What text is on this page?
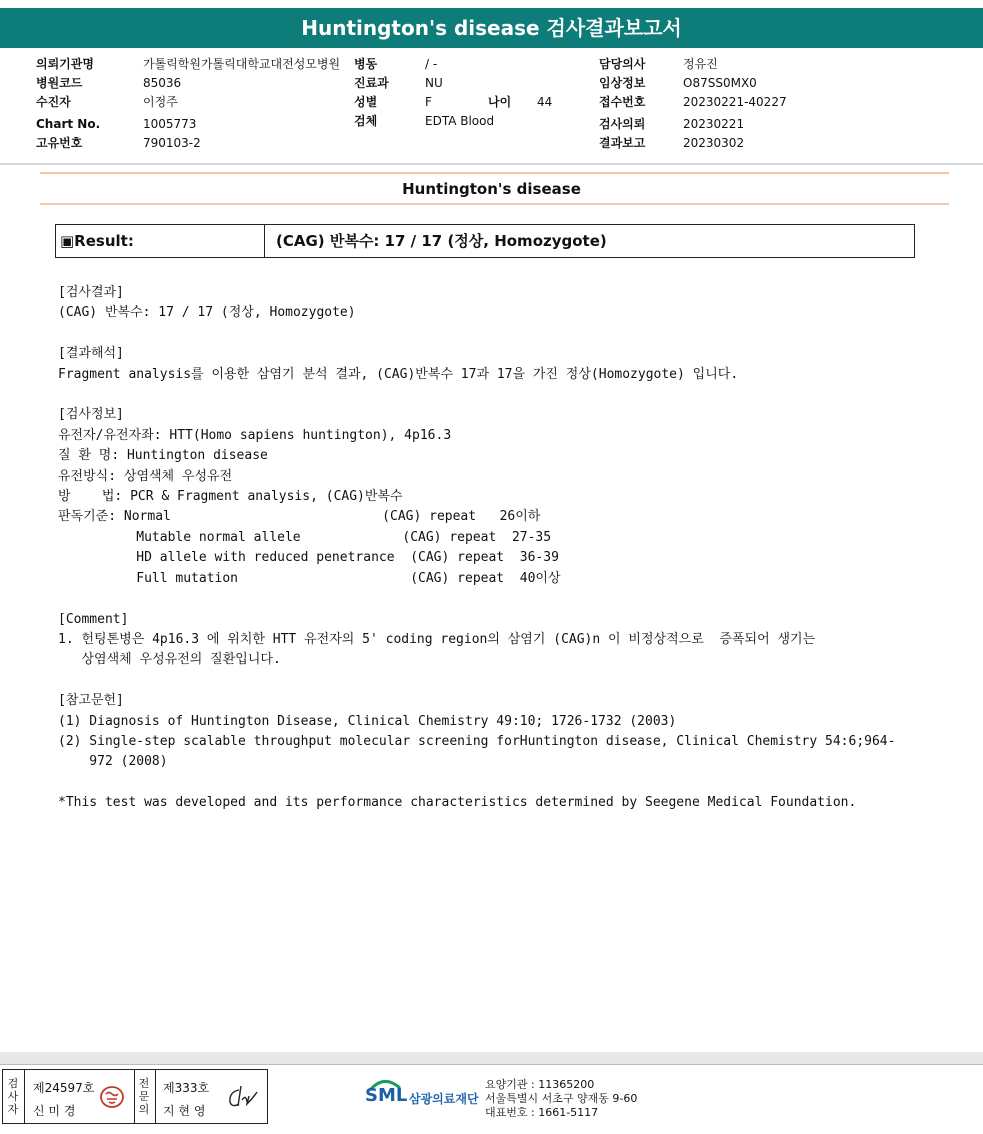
Huntington's disease 검사결과보고서
의뢰기관명
병원코드
수진자
Chart No.
고유번호
가톨릭학원가톨릭대학교대전성모병원
85036
이정주
1005773
790103-2
병동
진료과
성별
검체
/ -
NU
F
EDTA Blood
나이 44
담당의사
임상정보
접수번호
검사의뢰
결과보고
정유진
O87SS0MX0
20230221-40227
20230221
20230302
Huntington's disease
▣Result:	(CAG) 반복수: 17 / 17 (정상, Homozygote)
[검사결과]
(CAG) 반복수: 17 / 17 (정상, Homozygote)

[결과해석]
Fragment analysis를 이용한 삼염기 분석 결과, (CAG)반복수 17과 17을 가진 정상(Homozygote) 입니다.

[검사정보]
유전자/유전자좌: HTT(Homo sapiens huntington), 4p16.3
질 환 명: Huntington disease
유전방식: 상염색체 우성유전
방    법: PCR & Fragment analysis, (CAG)반복수
판독기준: Normal                           (CAG) repeat   26이하
Mutable normal allele             (CAG) repeat  27-35
HD allele with reduced penetrance  (CAG) repeat  36-39
Full mutation                      (CAG) repeat  40이상

[Comment]
1. 헌팅톤병은 4p16.3 에 위치한 HTT 유전자의 5' coding region의 삼염기 (CAG)n 이 비정상적으로  증폭되어 생기는
상염색체 우성유전의 질환입니다.

[참고문헌]
(1) Diagnosis of Huntington Disease, Clinical Chemistry 49:10; 1726-1732 (2003)
(2) Single-step scalable throughput molecular screening forHuntington disease, Clinical Chemistry 54:6;964-
972 (2008)

*This test was developed and its performance characteristics determined by Seegene Medical Foundation.
검사자
제24597호
신 미 경
전문의
제333호
지 현 영
SML 삼광의료재단
요양기관 : 11365200
서울특별시 서초구 양재동 9-60
대표번호 : 1661-5117
